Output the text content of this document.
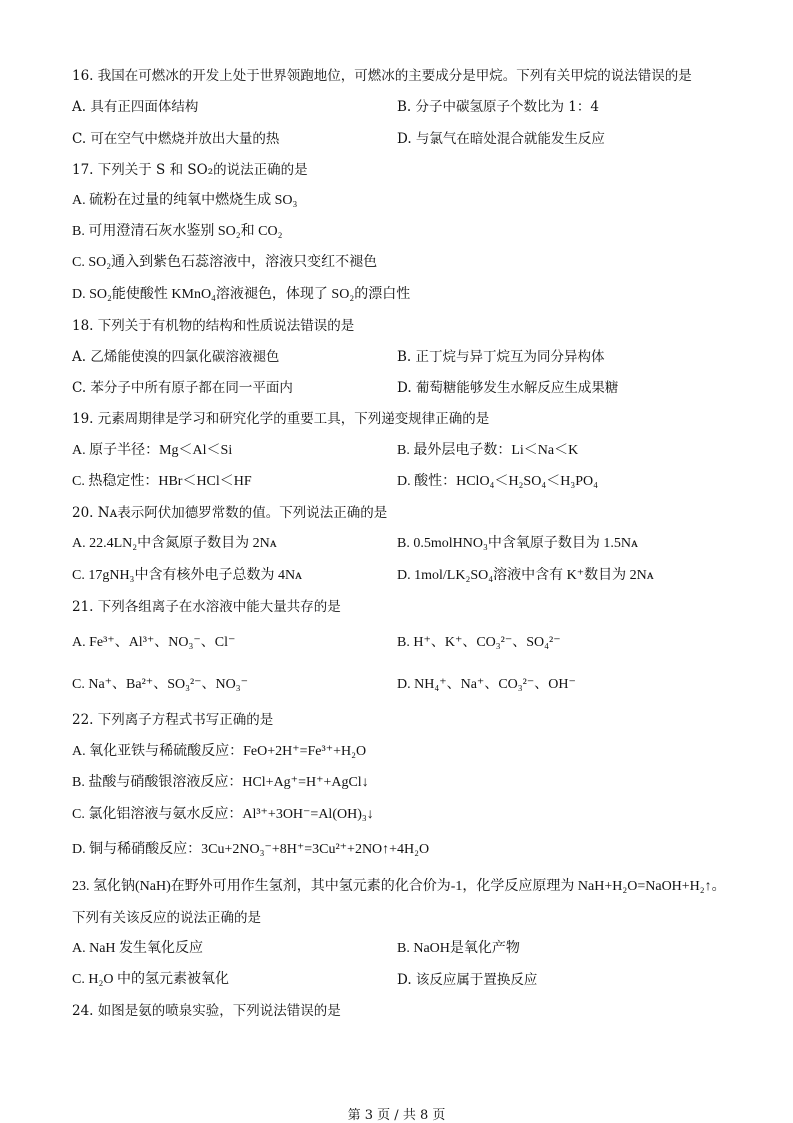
16. 我国在可燃冰的开发上处于世界领跑地位，可燃冰的主要成分是甲烷。下列有关甲烷的说法错误的是
A. 具有正四面体结构	B. 分子中碳氢原子个数比为 1：4
C. 可在空气中燃烧并放出大量的热	D. 与氯气在暗处混合就能发生反应
17. 下列关于 S 和 SO₂的说法正确的是
A. 硫粉在过量的纯氧中燃烧生成 SO₃
B. 可用澄清石灰水鉴别 SO₂和 CO₂
C. SO₂通入到紫色石蕊溶液中，溶液只变红不褪色
D. SO₂能使酸性 KMnO₄溶液褪色，体现了 SO₂的漂白性
18. 下列关于有机物的结构和性质说法错误的是
A. 乙烯能使溴的四氯化碳溶液褪色	B. 正丁烷与异丁烷互为同分异构体
C. 苯分子中所有原子都在同一平面内	D. 葡萄糖能够发生水解反应生成果糖
19. 元素周期律是学习和研究化学的重要工具，下列递变规律正确的是
A. 原子半径：Mg＜Al＜Si	B. 最外层电子数：Li＜Na＜K
C. 热稳定性：HBr＜HCl＜HF	D. 酸性：HClO₄＜H₂SO₄＜H₃PO₄
20. Nᴀ表示阿伏加德罗常数的值。下列说法正确的是
A. 22.4LN₂中含氮原子数目为 2Nᴀ	B. 0.5molHNO₃中含氧原子数目为 1.5Nᴀ
C. 17gNH₃中含有核外电子总数为 4Nᴀ	D. 1mol/LK₂SO₄溶液中含有 K⁺数目为 2Nᴀ
21. 下列各组离子在水溶液中能大量共存的是
A. Fe³⁺、Al³⁺、NO₃⁻、Cl⁻	B. H⁺、K⁺、CO₃²⁻、SO₄²⁻
C. Na⁺、Ba²⁺、SO₃²⁻、NO₃⁻	D. NH₄⁺、Na⁺、CO₃²⁻、OH⁻
22. 下列离子方程式书写正确的是
A. 氧化亚铁与稀硫酸反应：FeO+2H⁺=Fe³⁺+H₂O
B. 盐酸与硝酸银溶液反应：HCl+Ag⁺=H⁺+AgCl↓
C. 氯化铝溶液与氨水反应：Al³⁺+3OH⁻=Al(OH)₃↓
D. 铜与稀硝酸反应：3Cu+2NO₃⁻+8H⁺=3Cu²⁺+2NO↑+4H₂O
23. 氢化钠(NaH)在野外可用作生氢剂，其中氢元素的化合价为-1，化学反应原理为 NaH+H₂O=NaOH+H₂↑。
下列有关该反应的说法正确的是
A. NaH 发生氧化反应	B. NaOH是氧化产物
C. H₂O 中的氢元素被氧化	D. 该反应属于置换反应
24. 如图是氨的喷泉实验，下列说法错误的是
第 3 页 / 共 8 页
